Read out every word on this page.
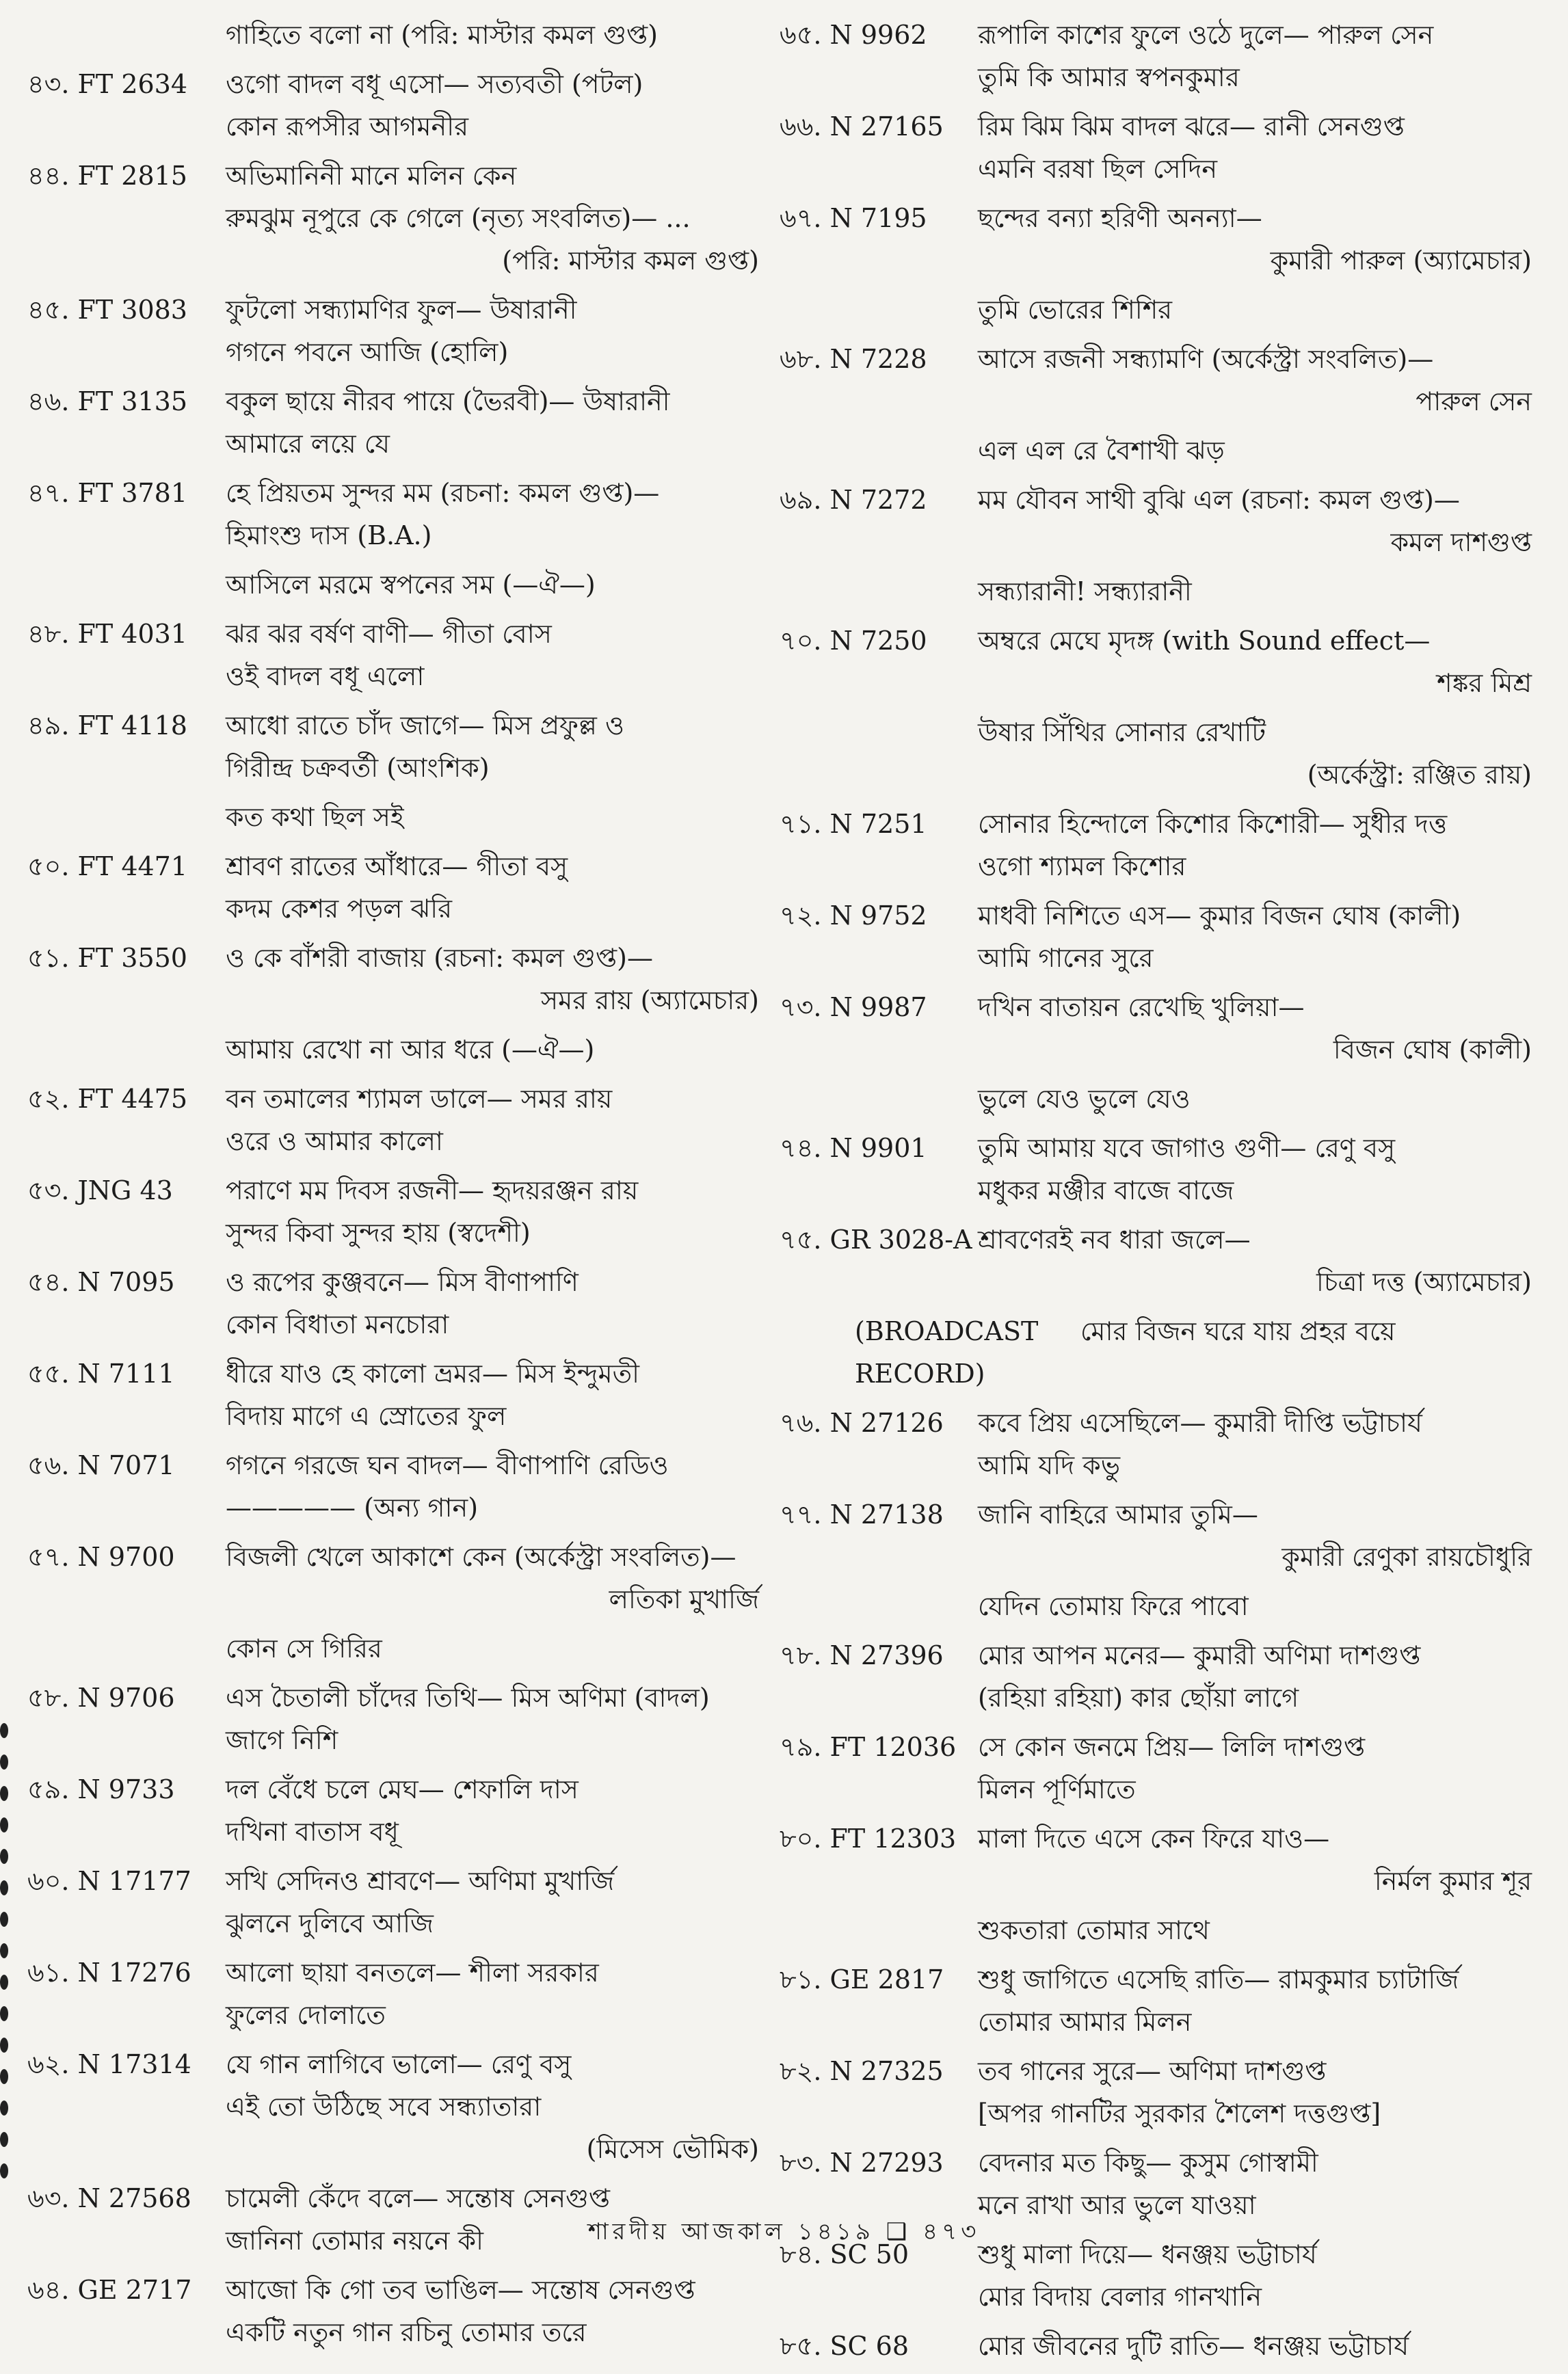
গাহিতে বলো না (পরি: মাস্টার কমল গুপ্ত)
৪৩. FT 2634	ওগো বাদল বধূ এসো— সত্যবতী (পটল)
কোন রূপসীর আগমনীর
৪৪. FT 2815	অভিমানিনী মানে মলিন কেন
রুমঝুম নূপুরে কে গেলে (নৃত্য সংবলিত)— ...
(পরি: মাস্টার কমল গুপ্ত)
৪৫. FT 3083	ফুটলো সন্ধ্যামণির ফুল— উষারানী
গগনে পবনে আজি (হোলি)
৪৬. FT 3135	বকুল ছায়ে নীরব পায়ে (ভৈরবী)— উষারানী
আমারে লয়ে যে
৪৭. FT 3781	হে প্রিয়তম সুন্দর মম (রচনা: কমল গুপ্ত)—
হিমাংশু দাস (B.A.)
আসিলে মরমে স্বপনের সম (—ঐ—)
৪৮. FT 4031	ঝর ঝর বর্ষণ বাণী— গীতা বোস
ওই বাদল বধূ এলো
৪৯. FT 4118	আধো রাতে চাঁদ জাগে— মিস প্রফুল্ল ও
গিরীন্দ্র চক্রবর্তী (আংশিক)
কত কথা ছিল সই
৫০. FT 4471	শ্রাবণ রাতের আঁধারে— গীতা বসু
কদম কেশর পড়ল ঝরি
৫১. FT 3550	ও কে বাঁশরী বাজায় (রচনা: কমল গুপ্ত)—
সমর রায় (অ্যামেচার)
আমায় রেখো না আর ধরে (—ঐ—)
৫২. FT 4475	বন তমালের শ্যামল ডালে— সমর রায়
ওরে ও আমার কালো
৫৩. JNG 43	পরাণে মম দিবস রজনী— হৃদয়রঞ্জন রায়
সুন্দর কিবা সুন্দর হায় (স্বদেশী)
৫৪. N 7095	ও রূপের কুঞ্জবনে— মিস বীণাপাণি
কোন বিধাতা মনচোরা
৫৫. N 7111	ধীরে যাও হে কালো ভ্রমর— মিস ইন্দুমতী
বিদায় মাগে এ স্রোতের ফুল
৫৬. N 7071	গগনে গরজে ঘন বাদল— বীণাপাণি রেডিও
————— (অন্য গান)
৫৭. N 9700	বিজলী খেলে আকাশে কেন (অর্কেস্ট্রা সংবলিত)—
লতিকা মুখার্জি
কোন সে গিরির
৫৮. N 9706	এস চৈতালী চাঁদের তিথি— মিস অণিমা (বাদল)
জাগে নিশি
৫৯. N 9733	দল বেঁধে চলে মেঘ— শেফালি দাস
দখিনা বাতাস বধূ
৬০. N 17177	সখি সেদিনও শ্রাবণে— অণিমা মুখার্জি
ঝুলনে দুলিবে আজি
৬১. N 17276	আলো ছায়া বনতলে— শীলা সরকার
ফুলের দোলাতে
৬২. N 17314	যে গান লাগিবে ভালো— রেণু বসু
এই তো উঠিছে সবে সন্ধ্যাতারা
(মিসেস ভৌমিক)
৬৩. N 27568	চামেলী কেঁদে বলে— সন্তোষ সেনগুপ্ত
জানিনা তোমার নয়নে কী
৬৪. GE 2717	আজো কি গো তব ভাঙিল— সন্তোষ সেনগুপ্ত
একটি নতুন গান রচিনু তোমার তরে
৬৫. N 9962	রূপালি কাশের ফুলে ওঠে দুলে— পারুল সেন
তুমি কি আমার স্বপনকুমার
৬৬. N 27165	রিম ঝিম ঝিম বাদল ঝরে— রানী সেনগুপ্ত
এমনি বরষা ছিল সেদিন
৬৭. N 7195	ছন্দের বন্যা হরিণী অনন্যা—
কুমারী পারুল (অ্যামেচার)
তুমি ভোরের শিশির
৬৮. N 7228	আসে রজনী সন্ধ্যামণি (অর্কেস্ট্রা সংবলিত)—
পারুল সেন
এল এল রে বৈশাখী ঝড়
৬৯. N 7272	মম যৌবন সাথী বুঝি এল (রচনা: কমল গুপ্ত)—
কমল দাশগুপ্ত
সন্ধ্যারানী! সন্ধ্যারানী
৭০. N 7250	অম্বরে মেঘে মৃদঙ্গ (with Sound effect—
শঙ্কর মিশ্র
উষার সিঁথির সোনার রেখাটি
(অর্কেস্ট্রা: রঞ্জিত রায়)
৭১. N 7251	সোনার হিন্দোলে কিশোর কিশোরী— সুধীর দত্ত
ওগো শ্যামল কিশোর
৭২. N 9752	মাধবী নিশিতে এস— কুমার বিজন ঘোষ (কালী)
আমি গানের সুরে
৭৩. N 9987	দখিন বাতায়ন রেখেছি খুলিয়া—
বিজন ঘোষ (কালী)
ভুলে যেও ভুলে যেও
৭৪. N 9901	তুমি আমায় যবে জাগাও গুণী— রেণু বসু
মধুকর মঞ্জীর বাজে বাজে
৭৫. GR 3028-A শ্রাবণেরই নব ধারা জলে—
চিত্রা দত্ত (অ্যামেচার)
(BROADCAST
RECORD)
মোর বিজন ঘরে যায় প্রহর বয়ে
৭৬. N 27126	কবে প্রিয় এসেছিলে— কুমারী দীপ্তি ভট্টাচার্য
আমি যদি কভু
৭৭. N 27138	জানি বাহিরে আমার তুমি—
কুমারী রেণুকা রায়চৌধুরি
যেদিন তোমায় ফিরে পাবো
৭৮. N 27396	মোর আপন মনের— কুমারী অণিমা দাশগুপ্ত
(রহিয়া রহিয়া) কার ছোঁয়া লাগে
৭৯. FT 12036 সে কোন জনমে প্রিয়— লিলি দাশগুপ্ত
মিলন পূর্ণিমাতে
৮০. FT 12303 মালা দিতে এসে কেন ফিরে যাও—
নির্মল কুমার শূর
শুকতারা তোমার সাথে
৮১. GE 2817	শুধু জাগিতে এসেছি রাতি— রামকুমার চ্যাটার্জি
তোমার আমার মিলন
৮২. N 27325	তব গানের সুরে— অণিমা দাশগুপ্ত
[অপর গানটির সুরকার শৈলেশ দত্তগুপ্ত]
৮৩. N 27293	বেদনার মত কিছু— কুসুম গোস্বামী
মনে রাখা আর ভুলে যাওয়া
৮৪. SC 50	শুধু মালা দিয়ে— ধনঞ্জয় ভট্টাচার্য
মোর বিদায় বেলার গানখানি
৮৫. SC 68	মোর জীবনের দুটি রাতি— ধনঞ্জয় ভট্টাচার্য
শারদীয় আজকাল ১৪১৯ ❑ ৪৭৩
